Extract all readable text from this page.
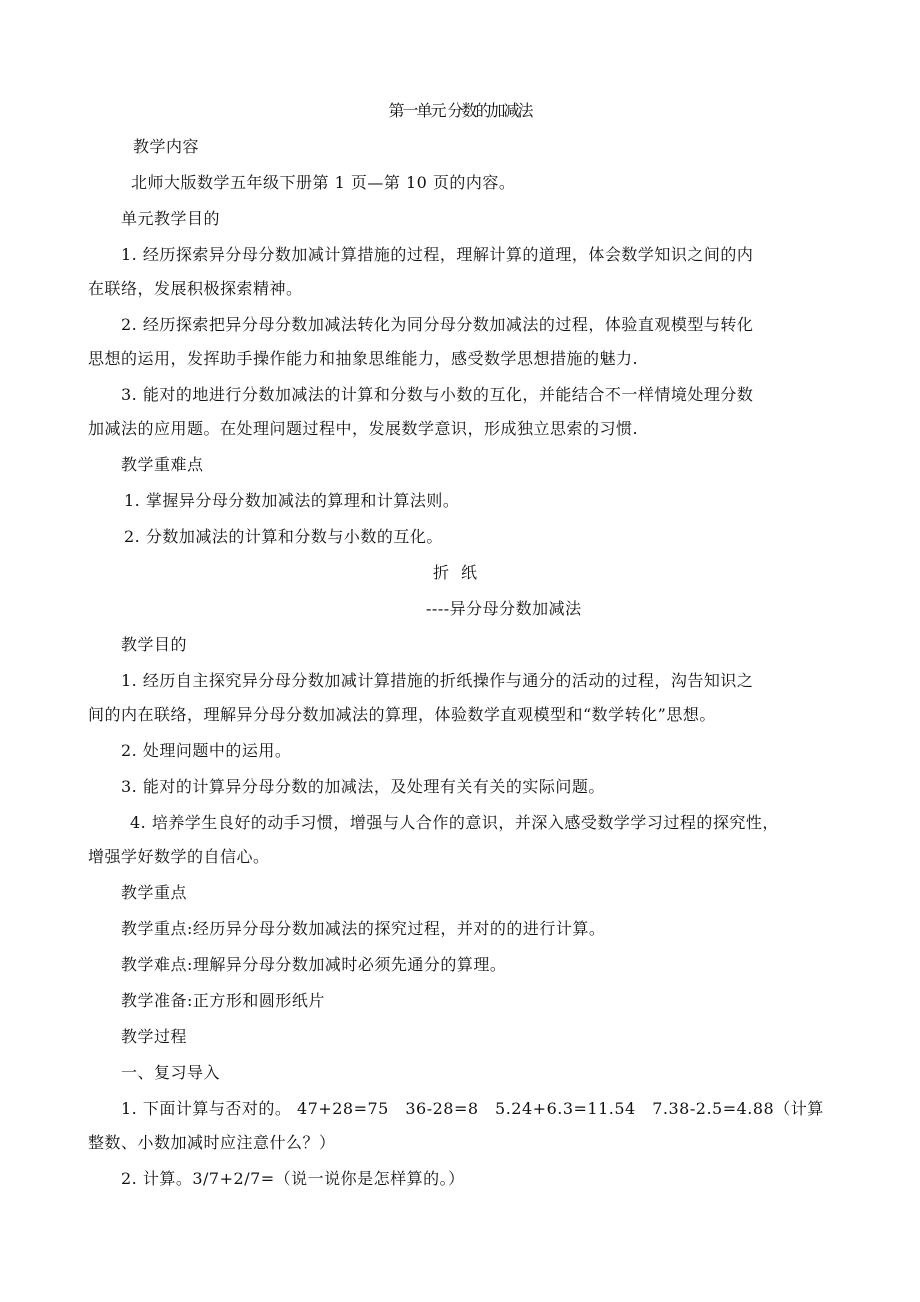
第一单元 分数的加减法
教学内容
北师大版数学五年级下册第 1 页—第 10 页的内容。
单元教学目的
1. 经历探索异分母分数加减计算措施的过程，理解计算的道理，体会数学知识之间的内
在联络，发展积极探索精神。
2. 经历探索把异分母分数加减法转化为同分母分数加减法的过程，体验直观模型与转化
思想的运用，发挥助手操作能力和抽象思维能力，感受数学思想措施的魅力.
3. 能对的地进行分数加减法的计算和分数与小数的互化，并能结合不一样情境处理分数
加减法的应用题。在处理问题过程中，发展数学意识，形成独立思索的习惯.
教学重难点
1. 掌握异分母分数加减法的算理和计算法则。
2. 分数加减法的计算和分数与小数的互化。
折　纸
----异分母分数加减法
教学目的
1. 经历自主探究异分母分数加减计算措施的折纸操作与通分的活动的过程，沟告知识之
间的内在联络，理解异分母分数加减法的算理，体验数学直观模型和“数学转化”思想。
2. 处理问题中的运用。
3. 能对的计算异分母分数的加减法，及处理有关有关的实际问题。
4. 培养学生良好的动手习惯，增强与人合作的意识，并深入感受数学学习过程的探究性，
增强学好数学的自信心。
教学重点
教学重点:经历异分母分数加减法的探究过程，并对的的进行计算。
教学难点:理解异分母分数加减时必须先通分的算理。
教学准备:正方形和圆形纸片
教学过程
一、复习导入
1. 下面计算与否对的。 47+28=75　36-28=8　5.24+6.3=11.54　7.38-2.5=4.88（计算
整数、小数加减时应注意什么？）
2. 计算。3/7+2/7=（说一说你是怎样算的。）
